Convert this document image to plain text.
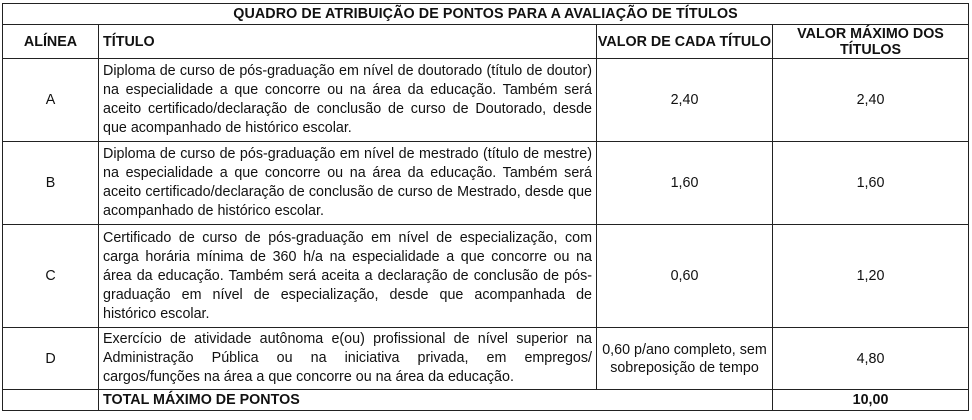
QUADRO DE ATRIBUIÇÃO DE PONTOS PARA A AVALIAÇÃO DE TÍTULOS			
ALÍNEA	TÍTULO	VALOR DE CADA TÍTULO	VALOR MÁXIMO DOS TÍTULOS
A	Diploma de curso de pós-graduação em nível de doutorado (título de doutor) na especialidade a que concorre ou na área da educação. Também será aceito certificado/declaração de conclusão de curso de Doutorado, desde que acompanhado de histórico escolar.	2,40	2,40
B	Diploma de curso de pós-graduação em nível de mestrado (título de mestre) na especialidade a que concorre ou na área da educação. Também será aceito certificado/declaração de conclusão de curso de Mestrado, desde que acompanhado de histórico escolar.	1,60	1,60
C	Certificado de curso de pós-graduação em nível de especialização, com carga horária mínima de 360 h/a na especialidade a que concorre ou na área da educação. Também será aceita a declaração de conclusão de pós-graduação em nível de especialização, desde que acompanhada de histórico escolar.	0,60	1,20
D	Exercício de atividade autônoma e(ou) profissional de nível superior na Administração Pública ou na iniciativa privada, em empregos/ cargos/funções na área a que concorre ou na área da educação.	0,60 p/ano completo, sem sobreposição de tempo	4,80
	TOTAL MÁXIMO DE PONTOS		10,00
